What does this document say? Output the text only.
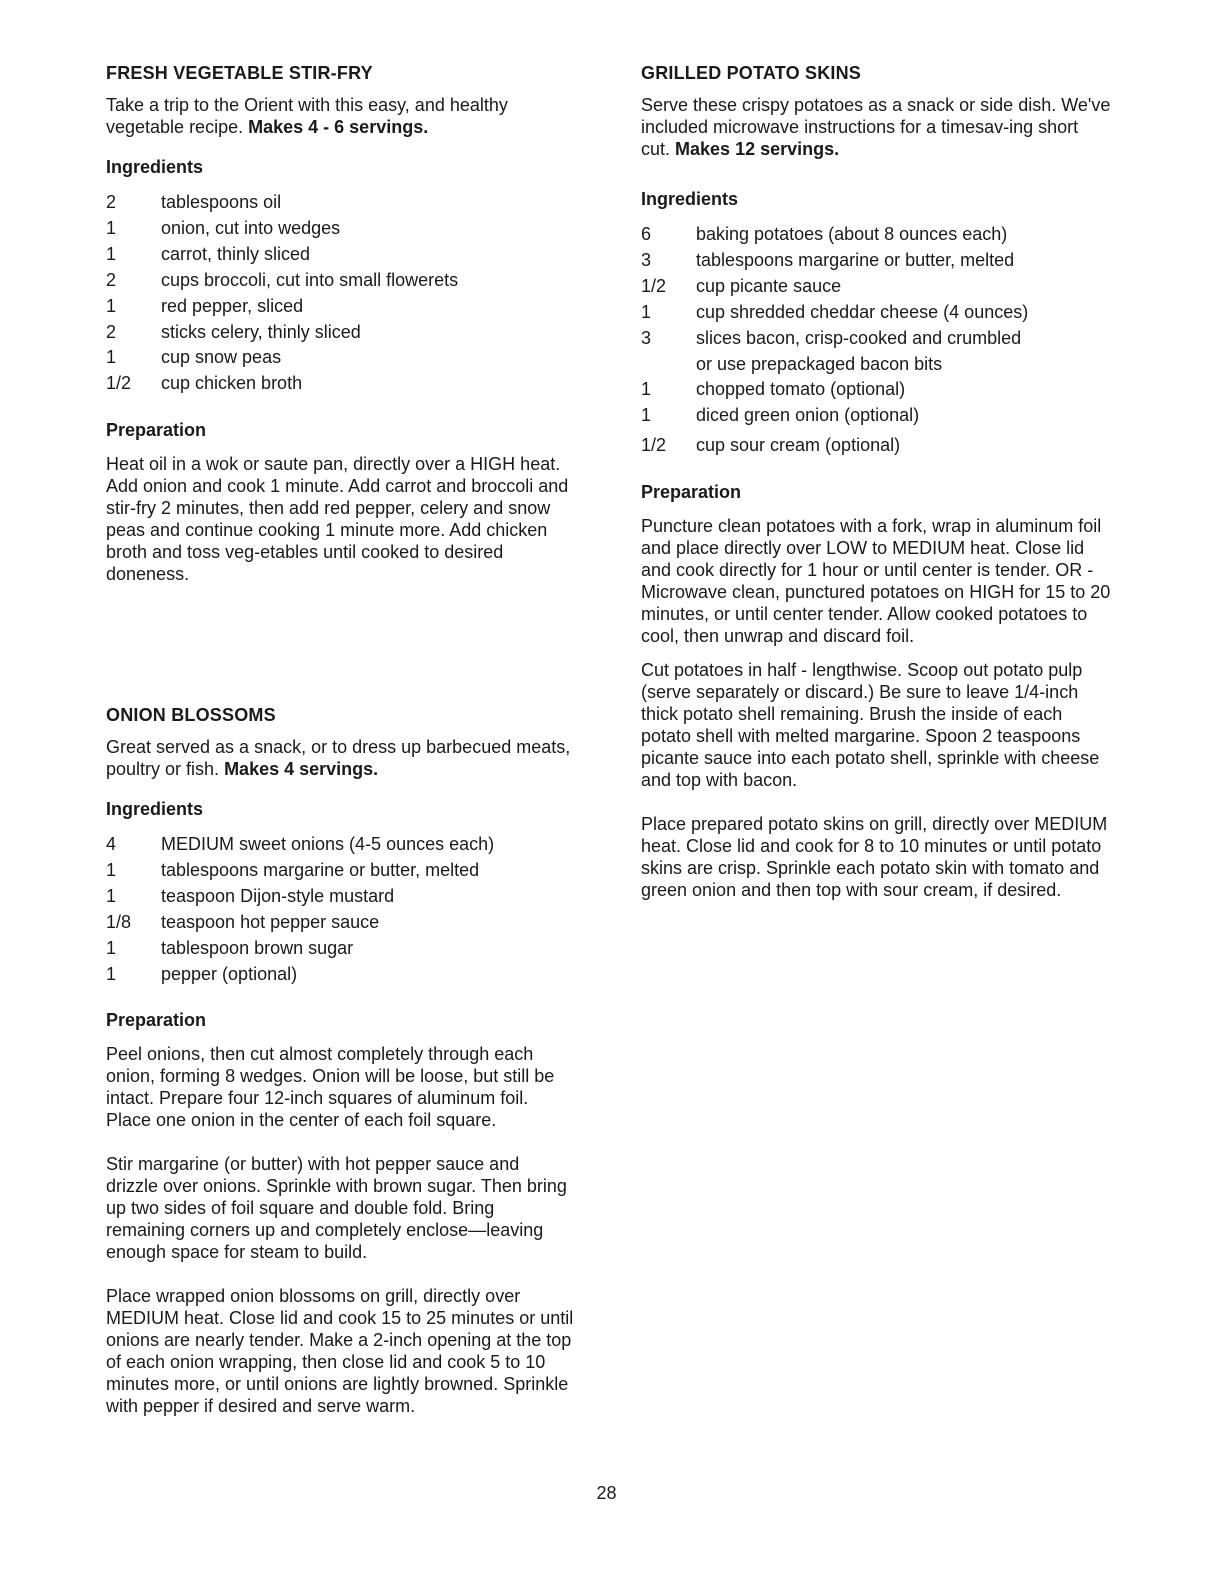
FRESH VEGETABLE STIR-FRY

Take a trip to the Orient with this easy, and healthy vegetable recipe. Makes 4 - 6 servings.

Ingredients
2	tablespoons oil
1	onion, cut into wedges
1	carrot, thinly sliced
2	cups broccoli, cut into small flowerets
1	red pepper, sliced
2	sticks celery, thinly sliced
1	cup snow peas
1/2	cup chicken broth
Preparation

Heat oil in a wok or saute pan, directly over a HIGH heat. Add onion and cook 1 minute. Add carrot and broccoli and stir-fry 2 minutes, then add red pepper, celery and snow peas and continue cooking 1 minute more. Add chicken broth and toss veg-etables until cooked to desired doneness.

ONION BLOSSOMS

Great served as a snack, or to dress up barbecued meats, poultry or fish. Makes 4 servings.

Ingredients
4	MEDIUM sweet onions (4-5 ounces each)
1	tablespoons margarine or butter, melted
1	teaspoon Dijon-style mustard
1/8	teaspoon hot pepper sauce
1	tablespoon brown sugar
1	pepper (optional)
Preparation

Peel onions, then cut almost completely through each onion, forming 8 wedges. Onion will be loose, but still be intact. Prepare four 12-inch squares of aluminum foil. Place one onion in the center of each foil square.

Stir margarine (or butter) with hot pepper sauce and drizzle over onions. Sprinkle with brown sugar. Then bring up two sides of foil square and double fold. Bring remaining corners up and completely enclose—leaving enough space for steam to build.

Place wrapped onion blossoms on grill, directly over MEDIUM heat. Close lid and cook 15 to 25 minutes or until onions are nearly tender. Make a 2-inch opening at the top of each onion wrapping, then close lid and cook 5 to 10 minutes more, or until onions are lightly browned. Sprinkle with pepper if desired and serve warm.

GRILLED POTATO SKINS

Serve these crispy potatoes as a snack or side dish. We've included microwave instructions for a timesav-ing short cut. Makes 12 servings.

Ingredients
6	baking potatoes (about 8 ounces each)
3	tablespoons margarine or butter, melted
1/2	cup picante sauce
1	cup shredded cheddar cheese (4 ounces)
3	slices bacon, crisp-cooked and crumbled
or use prepackaged bacon bits
1	chopped tomato (optional)
1	diced green onion (optional)
1/2	cup sour cream (optional)
Preparation

Puncture clean potatoes with a fork, wrap in aluminum foil and place directly over LOW to MEDIUM heat. Close lid and cook directly for 1 hour or until center is tender. OR - Microwave clean, punctured potatoes on HIGH for 15 to 20 minutes, or until center tender. Allow cooked potatoes to cool, then unwrap and discard foil.

Cut potatoes in half - lengthwise. Scoop out potato pulp (serve separately or discard.) Be sure to leave 1/4-inch thick potato shell remaining. Brush the inside of each potato shell with melted margarine. Spoon 2 teaspoons picante sauce into each potato shell, sprinkle with cheese and top with bacon.

Place prepared potato skins on grill, directly over MEDIUM heat. Close lid and cook for 8 to 10 minutes or until potato skins are crisp. Sprinkle each potato skin with tomato and green onion and then top with sour cream, if desired.

28
